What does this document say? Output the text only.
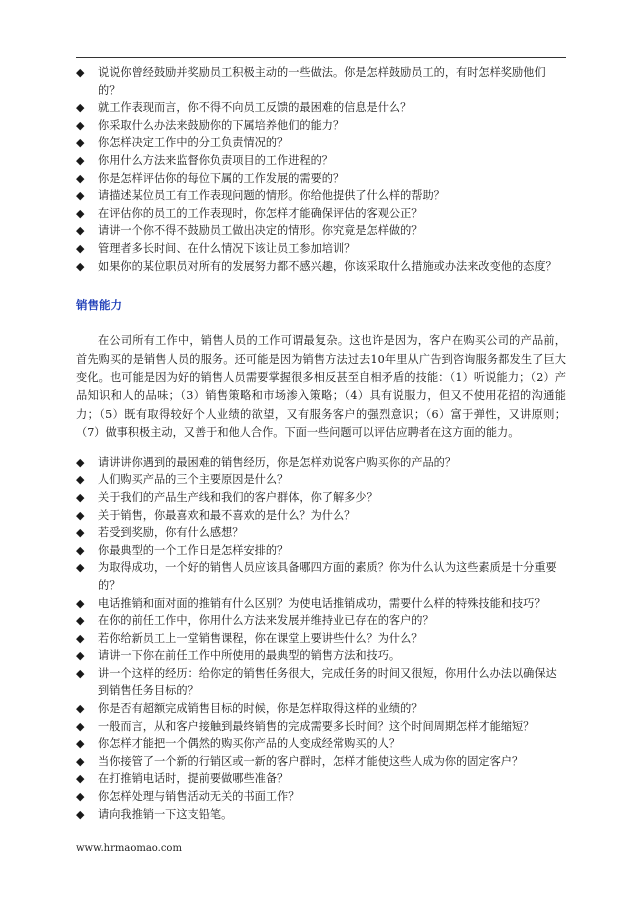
◆ 说说你曾经鼓励并奖励员工积极主动的一些做法。你是怎样鼓励员工的，有时怎样奖励他们的？
◆ 就工作表现而言，你不得不向员工反馈的最困难的信息是什么？
◆ 你采取什么办法来鼓励你的下属培养他们的能力？
◆ 你怎样决定工作中的分工负责情况的？
◆ 你用什么方法来监督你负责项目的工作进程的？
◆ 你是怎样评估你的每位下属的工作发展的需要的？
◆ 请描述某位员工有工作表现问题的情形。你给他提供了什么样的帮助？
◆ 在评估你的员工的工作表现时，你怎样才能确保评估的客观公正？
◆ 请讲一个你不得不鼓励员工做出决定的情形。你究竟是怎样做的？
◆ 管理者多长时间、在什么情况下该让员工参加培训？
◆ 如果你的某位职员对所有的发展努力都不感兴趣，你该采取什么措施或办法来改变他的态度？
销售能力

在公司所有工作中，销售人员的工作可谓最复杂。这也许是因为，客户在购买公司的产品前，首先购买的是销售人员的服务。还可能是因为销售方法过去10年里从广告到咨询服务都发生了巨大变化。也可能是因为好的销售人员需要掌握很多相反甚至自相矛盾的技能：（1）听说能力；（2）产品知识和人的品味；（3）销售策略和市场渗入策略；（4）具有说服力，但又不使用花招的沟通能力；（5）既有取得较好个人业绩的欲望，又有服务客户的强烈意识；（6）富于弹性，又讲原则；（7）做事积极主动，又善于和他人合作。下面一些问题可以评估应聘者在这方面的能力。

◆ 请讲讲你遇到的最困难的销售经历，你是怎样劝说客户购买你的产品的？
◆ 人们购买产品的三个主要原因是什么？
◆ 关于我们的产品生产线和我们的客户群体，你了解多少？
◆ 关于销售，你最喜欢和最不喜欢的是什么？为什么？
◆ 若受到奖励，你有什么感想？
◆ 你最典型的一个工作日是怎样安排的？
◆ 为取得成功，一个好的销售人员应该具备哪四方面的素质？你为什么认为这些素质是十分重要的？
◆ 电话推销和面对面的推销有什么区别？为使电话推销成功，需要什么样的特殊技能和技巧？
◆ 在你的前任工作中，你用什么方法来发展并维持业已存在的客户的？
◆ 若你给新员工上一堂销售课程，你在课堂上要讲些什么？为什么？
◆ 请讲一下你在前任工作中所使用的最典型的销售方法和技巧。
◆ 讲一个这样的经历：给你定的销售任务很大，完成任务的时间又很短，你用什么办法以确保达到销售任务目标的？
◆ 你是否有超额完成销售目标的时候，你是怎样取得这样的业绩的？
◆ 一般而言，从和客户接触到最终销售的完成需要多长时间？这个时间周期怎样才能缩短？
◆ 你怎样才能把一个偶然的购买你产品的人变成经常购买的人？
◆ 当你接管了一个新的行销区或一新的客户群时，怎样才能使这些人成为你的固定客户？
◆ 在打推销电话时，提前要做哪些准备？
◆ 你怎样处理与销售活动无关的书面工作？
◆ 请向我推销一下这支铅笔。
www.hrmaomao.com
